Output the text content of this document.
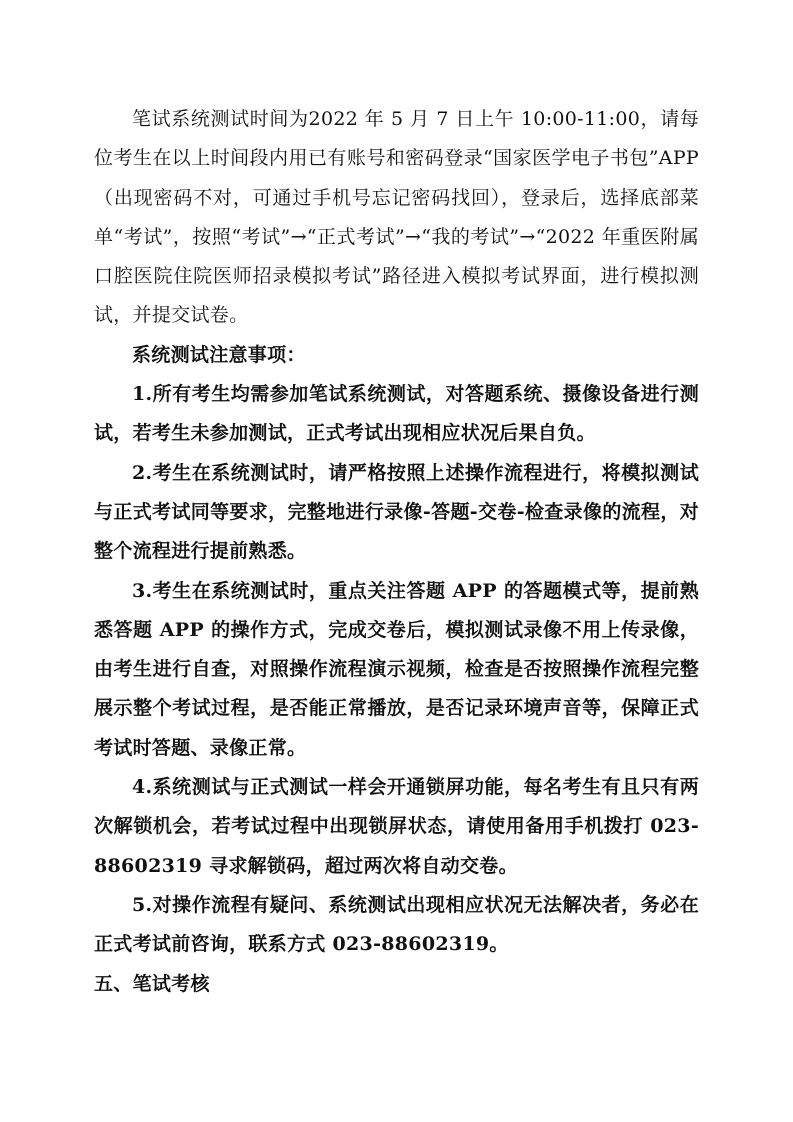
笔试系统测试时间为2022 年 5 月 7 日上午 10:00-11:00，请每位考生在以上时间段内用已有账号和密码登录“国家医学电子书包”APP（出现密码不对，可通过手机号忘记密码找回），登录后，选择底部菜单“考试”，按照“考试”→“正式考试”→“我的考试”→“2022 年重医附属口腔医院住院医师招录模拟考试”路径进入模拟考试界面，进行模拟测试，并提交试卷。

系统测试注意事项：

1.所有考生均需参加笔试系统测试，对答题系统、摄像设备进行测试，若考生未参加测试，正式考试出现相应状况后果自负。

2.考生在系统测试时，请严格按照上述操作流程进行，将模拟测试与正式考试同等要求，完整地进行录像-答题-交卷-检查录像的流程，对整个流程进行提前熟悉。

3.考生在系统测试时，重点关注答题 APP 的答题模式等，提前熟悉答题 APP 的操作方式，完成交卷后，模拟测试录像不用上传录像，由考生进行自查，对照操作流程演示视频，检查是否按照操作流程完整展示整个考试过程，是否能正常播放，是否记录环境声音等，保障正式考试时答题、录像正常。

4.系统测试与正式测试一样会开通锁屏功能，每名考生有且只有两次解锁机会，若考试过程中出现锁屏状态，请使用备用手机拨打 023-88602319 寻求解锁码，超过两次将自动交卷。

5.对操作流程有疑问、系统测试出现相应状况无法解决者，务必在正式考试前咨询，联系方式 023-88602319。

五、笔试考核
